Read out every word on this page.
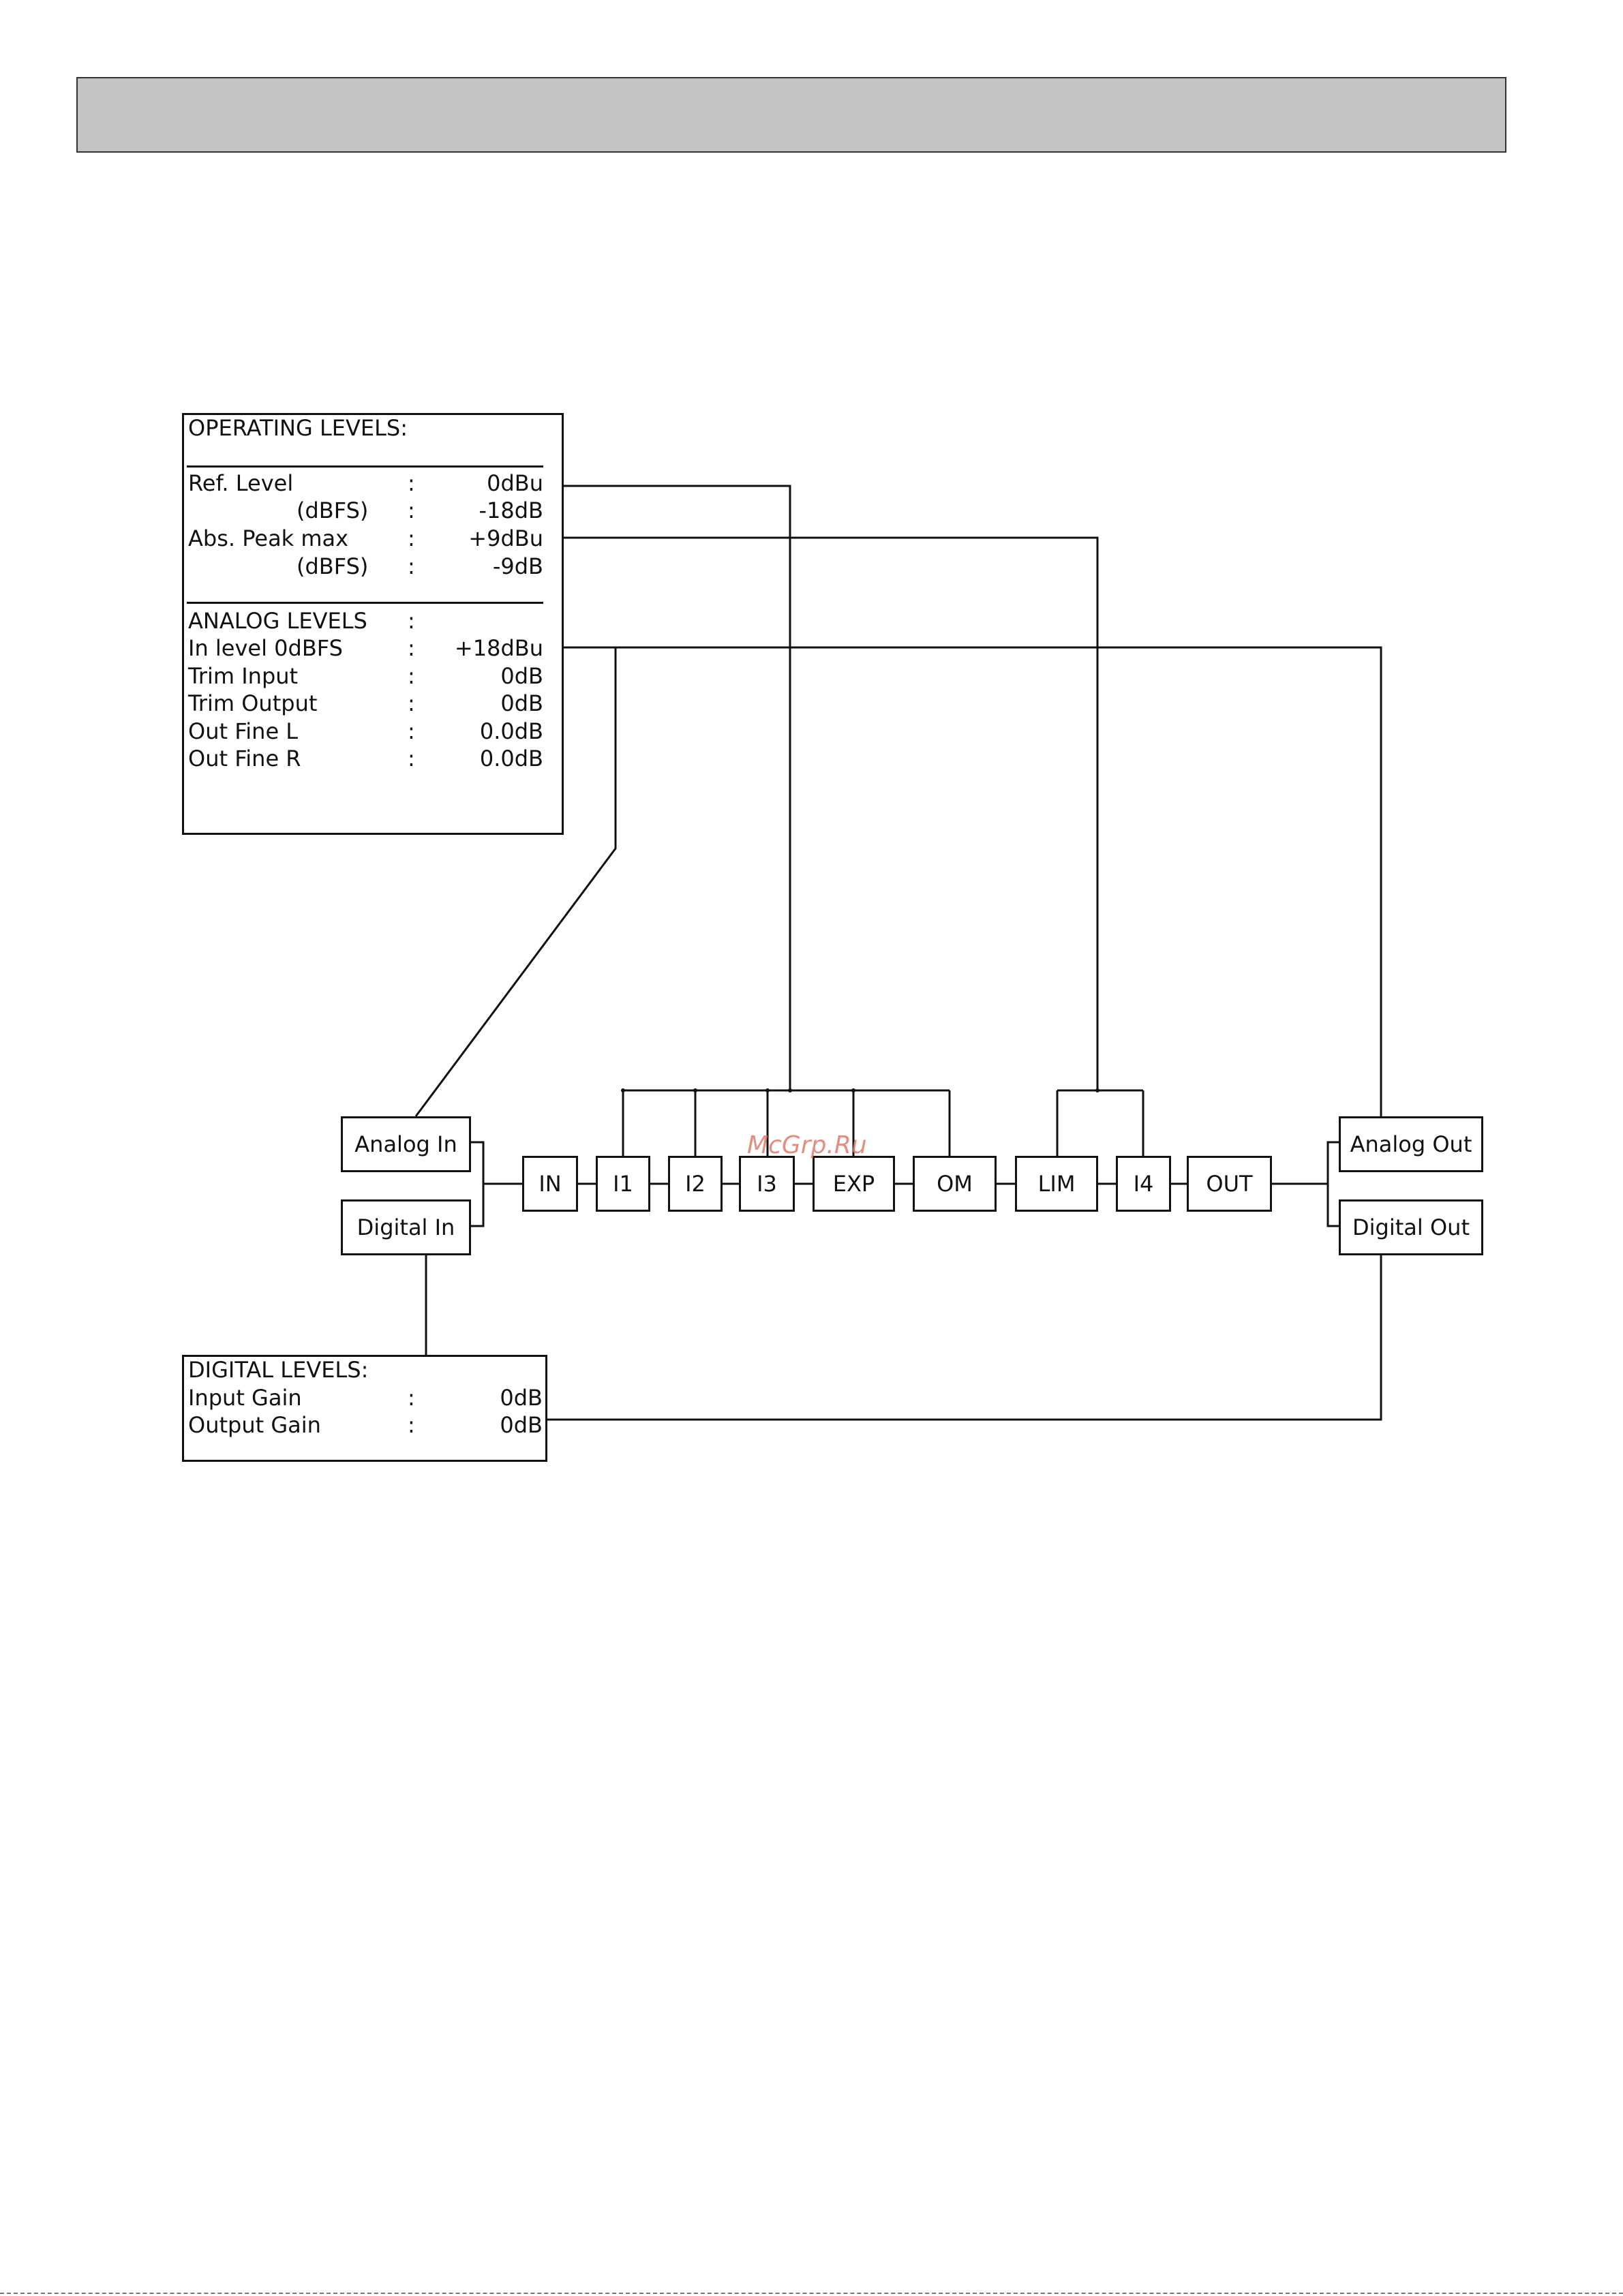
OPERATING LEVELS:
Ref. Level	:	0dBu
(dBFS) :	-18dB
Abs. Peak max	: +9dBu
(dBFS) :	-9dB
ANALOG LEVELS :
In level 0dBFS	: +18dBu
Trim Input	:	0dB
Trim Output	:	0dB
Out Fine L	:	0.0dB
Out Fine R	:	0.0dB
DIGITAL LEVELS:
Input Gain	:	0dB
Output Gain	:	0dB
Analog In
Digital In
Analog Out
Digital Out
IN	I1	I2	I3	EXP	OM	LIM	I4	OUT
McGrp.Ru
